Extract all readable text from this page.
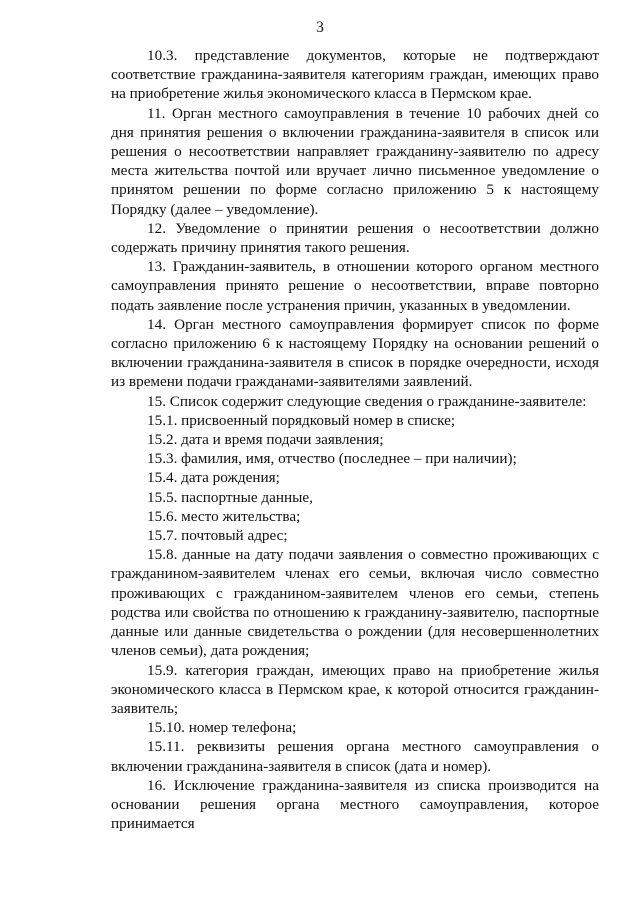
3

10.3. представление документов, которые не подтверждают соответствие гражданина-заявителя категориям граждан, имеющих право на приобретение жилья экономического класса в Пермском крае.

11. Орган местного самоуправления в течение 10 рабочих дней со дня принятия решения о включении гражданина-заявителя в список или решения о несоответствии направляет гражданину-заявителю по адресу места жительства почтой или вручает лично письменное уведомление о принятом решении по форме согласно приложению 5 к настоящему Порядку (далее – уведомление).

12. Уведомление о принятии решения о несоответствии должно содержать причину принятия такого решения.

13. Гражданин-заявитель, в отношении которого органом местного самоуправления принято решение о несоответствии, вправе повторно подать заявление после устранения причин, указанных в уведомлении.

14. Орган местного самоуправления формирует список по форме согласно приложению 6 к настоящему Порядку на основании решений о включении гражданина-заявителя в список в порядке очередности, исходя из времени подачи гражданами-заявителями заявлений.

15. Список содержит следующие сведения о гражданине-заявителе:

15.1. присвоенный порядковый номер в списке;

15.2. дата и время подачи заявления;

15.3. фамилия, имя, отчество (последнее – при наличии);

15.4. дата рождения;

15.5. паспортные данные,

15.6. место жительства;

15.7. почтовый адрес;

15.8. данные на дату подачи заявления о совместно проживающих с гражданином-заявителем членах его семьи, включая число совместно проживающих с гражданином-заявителем членов его семьи, степень родства или свойства по отношению к гражданину-заявителю, паспортные данные или данные свидетельства о рождении (для несовершеннолетних членов семьи), дата рождения;

15.9. категория граждан, имеющих право на приобретение жилья экономического класса в Пермском крае, к которой относится гражданин-заявитель;

15.10. номер телефона;

15.11. реквизиты решения органа местного самоуправления о включении гражданина-заявителя в список (дата и номер).

16. Исключение гражданина-заявителя из списка производится на основании решения органа местного самоуправления, которое принимается
